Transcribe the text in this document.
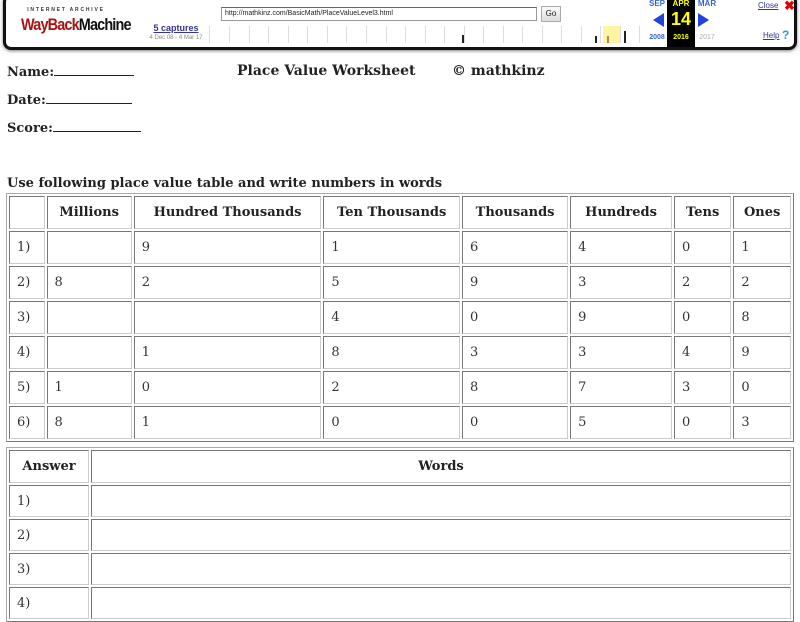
INTERNET ARCHIVE
WayBackMachine	5 captures
4 Dec 08 - 4 Mar 17
http://mathkinz.com/BasicMath/PlaceValueLevel3.html	Go
SEP
2008
APR
14
2016
MAR
2017
Close ✖
Help ?
Name:
Date:
Score:
Place Value Worksheet	© mathkinz
Use following place value table and write numbers in words
	Millions	Hundred Thousands	Ten Thousands	Thousands	Hundreds	Tens	Ones
1)		9	1	6	4	0	1
2)	8	2	5	9	3	2	2
3)			4	0	9	0	8
4)		1	8	3	3	4	9
5)	1	0	2	8	7	3	0
6)	8	1	0	0	5	0	3
Answer	Words
1)	
2)	
3)	
4)	
